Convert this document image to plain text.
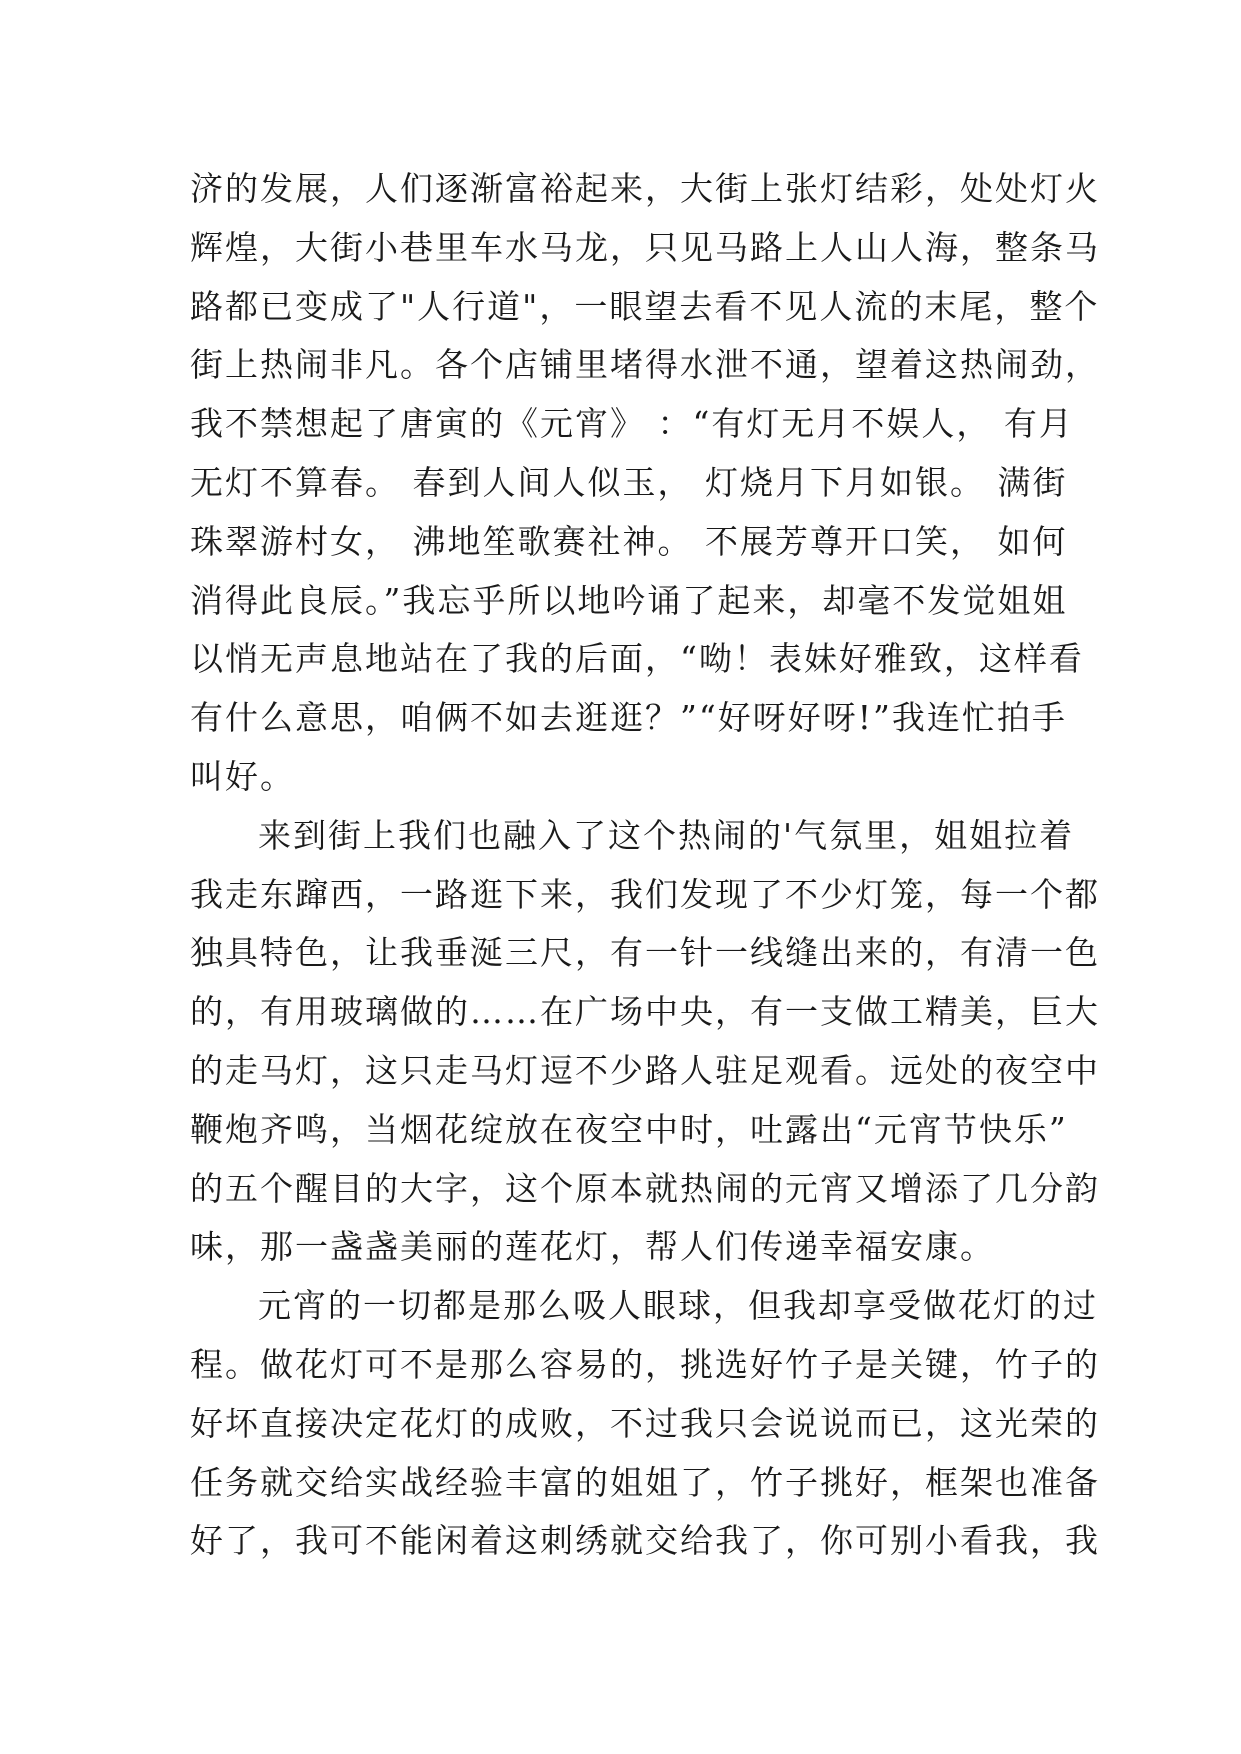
济的发展，人们逐渐富裕起来，大街上张灯结彩，处处灯火
辉煌，大街小巷里车水马龙，只见马路上人山人海，整条马
路都已变成了"人行道"，一眼望去看不见人流的末尾，整个
街上热闹非凡。各个店铺里堵得水泄不通，望着这热闹劲，
我不禁想起了唐寅的《元宵》 ：“有灯无月不娱人， 有月
无灯不算春。 春到人间人似玉， 灯烧月下月如银。 满街
珠翠游村女， 沸地笙歌赛社神。 不展芳尊开口笑， 如何
消得此良辰。”我忘乎所以地吟诵了起来，却毫不发觉姐姐
以悄无声息地站在了我的后面，“呦！表妹好雅致，这样看
有什么意思，咱俩不如去逛逛？”“好呀好呀!”我连忙拍手
叫好。
来到街上我们也融入了这个热闹的'气氛里，姐姐拉着
我走东蹿西，一路逛下来，我们发现了不少灯笼，每一个都
独具特色，让我垂涎三尺，有一针一线缝出来的，有清一色
的，有用玻璃做的……在广场中央，有一支做工精美，巨大
的走马灯，这只走马灯逗不少路人驻足观看。远处的夜空中
鞭炮齐鸣，当烟花绽放在夜空中时，吐露出“元宵节快乐”
的五个醒目的大字，这个原本就热闹的元宵又增添了几分韵
味，那一盏盏美丽的莲花灯，帮人们传递幸福安康。
元宵的一切都是那么吸人眼球，但我却享受做花灯的过
程。做花灯可不是那么容易的，挑选好竹子是关键，竹子的
好坏直接决定花灯的成败，不过我只会说说而已，这光荣的
任务就交给实战经验丰富的姐姐了，竹子挑好，框架也准备
好了，我可不能闲着这刺绣就交给我了，你可别小看我，我
